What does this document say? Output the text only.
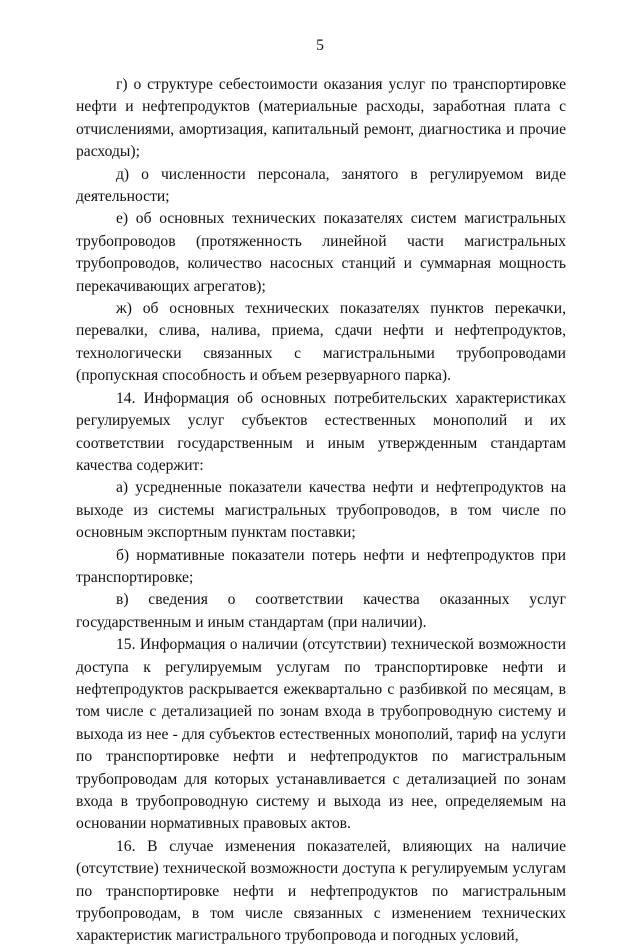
5

г) о структуре себестоимости оказания услуг по транспортировке нефти и нефтепродуктов (материальные расходы, заработная плата с отчислениями, амортизация, капитальный ремонт, диагностика и прочие расходы);

д) о численности персонала, занятого в регулируемом виде деятельности;

е) об основных технических показателях систем магистральных трубопроводов (протяженность линейной части магистральных трубопроводов, количество насосных станций и суммарная мощность перекачивающих агрегатов);

ж) об основных технических показателях пунктов перекачки, перевалки, слива, налива, приема, сдачи нефти и нефтепродуктов, технологически связанных с магистральными трубопроводами (пропускная способность и объем резервуарного парка).

14. Информация об основных потребительских характеристиках регулируемых услуг субъектов естественных монополий и их соответствии государственным и иным утвержденным стандартам качества содержит:

а) усредненные показатели качества нефти и нефтепродуктов на выходе из системы магистральных трубопроводов, в том числе по основным экспортным пунктам поставки;

б) нормативные показатели потерь нефти и нефтепродуктов при транспортировке;

в) сведения о соответствии качества оказанных услуг государственным и иным стандартам (при наличии).

15. Информация о наличии (отсутствии) технической возможности доступа к регулируемым услугам по транспортировке нефти и нефтепродуктов раскрывается ежеквартально с разбивкой по месяцам, в том числе с детализацией по зонам входа в трубопроводную систему и выхода из нее - для субъектов естественных монополий, тариф на услуги по транспортировке нефти и нефтепродуктов по магистральным трубопроводам для которых устанавливается с детализацией по зонам входа в трубопроводную систему и выхода из нее, определяемым на основании нормативных правовых актов.

16. В случае изменения показателей, влияющих на наличие (отсутствие) технической возможности доступа к регулируемым услугам по транспортировке нефти и нефтепродуктов по магистральным трубопроводам, в том числе связанных с изменением технических характеристик магистрального трубопровода и погодных условий,
